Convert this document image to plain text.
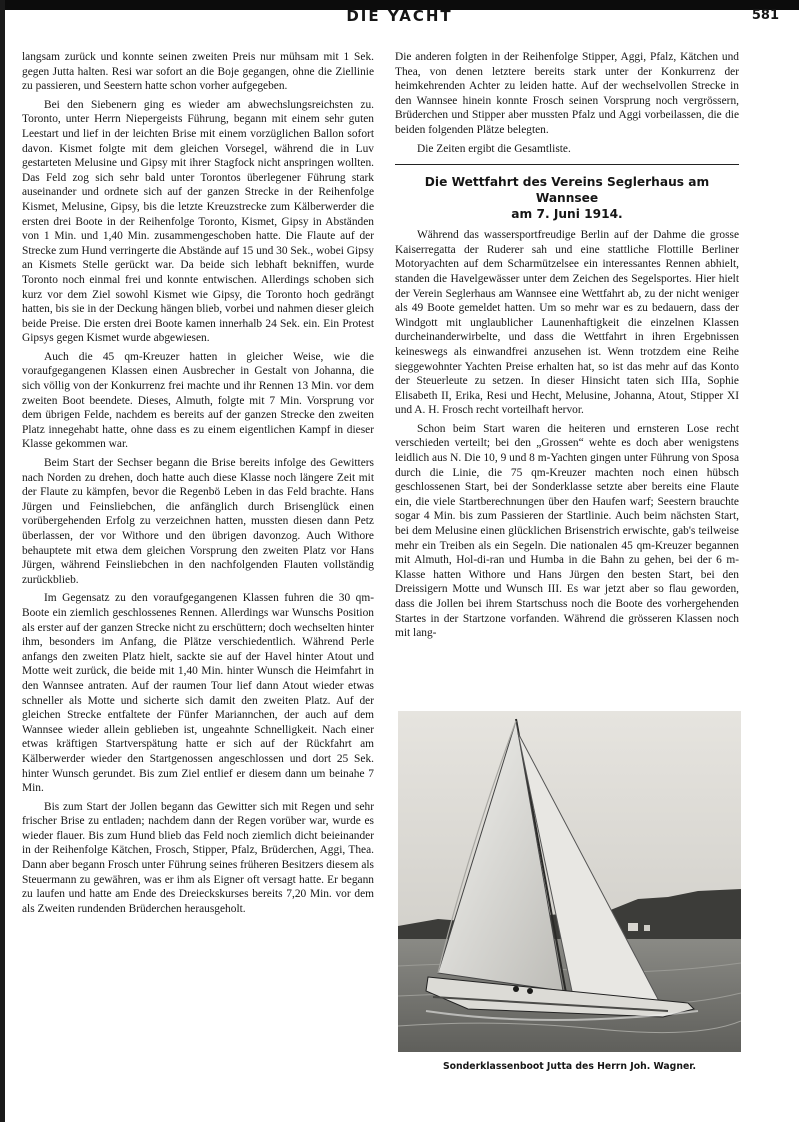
DIE YACHT	581

langsam zurück und konnte seinen zweiten Preis nur mühsam mit 1 Sek. gegen Jutta halten. Resi war sofort an die Boje gegangen, ohne die Ziellinie zu passieren, und Seestern hatte schon vorher aufgegeben.

Bei den Siebenern ging es wieder am abwechslungsreichsten zu. Toronto, unter Herrn Niepergeists Führung, begann mit einem sehr guten Leestart und lief in der leichten Brise mit einem vorzüglichen Ballon sofort davon. Kismet folgte mit dem gleichen Vorsegel, während die in Luv gestarteten Melusine und Gipsy mit ihrer Stagfock nicht anspringen wollten. Das Feld zog sich sehr bald unter Torontos überlegener Führung stark auseinander und ordnete sich auf der ganzen Strecke in der Reihenfolge Kismet, Melusine, Gipsy, bis die letzte Kreuzstrecke zum Kälberwerder die ersten drei Boote in der Reihenfolge Toronto, Kismet, Gipsy in Abständen von 1 Min. und 1,40 Min. zusammengeschoben hatte. Die Flaute auf der Strecke zum Hund verringerte die Abstände auf 15 und 30 Sek., wobei Gipsy an Kismets Stelle gerückt war. Da beide sich lebhaft bekniffen, wurde Toronto noch einmal frei und konnte entwischen. Allerdings schoben sich kurz vor dem Ziel sowohl Kismet wie Gipsy, die Toronto hoch gedrängt hatten, bis sie in der Deckung hängen blieb, vorbei und nahmen dieser gleich beide Preise. Die ersten drei Boote kamen innerhalb 24 Sek. ein. Ein Protest Gipsys gegen Kismet wurde abgewiesen.

Auch die 45 qm-Kreuzer hatten in gleicher Weise, wie die voraufgegangenen Klassen einen Ausbrecher in Gestalt von Johanna, die sich völlig von der Konkurrenz frei machte und ihr Rennen 13 Min. vor dem zweiten Boot beendete. Dieses, Almuth, folgte mit 7 Min. Vorsprung vor dem übrigen Felde, nachdem es bereits auf der ganzen Strecke den zweiten Platz innegehabt hatte, ohne dass es zu einem eigentlichen Kampf in dieser Klasse gekommen war.

Beim Start der Sechser begann die Brise bereits infolge des Gewitters nach Norden zu drehen, doch hatte auch diese Klasse noch längere Zeit mit der Flaute zu kämpfen, bevor die Regenbö Leben in das Feld brachte. Hans Jürgen und Feinsliebchen, die anfänglich durch Brisenglück einen vorübergehenden Erfolg zu verzeichnen hatten, mussten diesen dann Petz überlassen, der vor Withore und den übrigen davonzog. Auch Withore behauptete mit etwa dem gleichen Vorsprung den zweiten Platz vor Hans Jürgen, während Feinsliebchen in den nachfolgenden Flauten vollständig zurückblieb.

Im Gegensatz zu den voraufgegangenen Klassen fuhren die 30 qm-Boote ein ziemlich geschlossenes Rennen. Allerdings war Wunschs Position als erster auf der ganzen Strecke nicht zu erschüttern; doch wechselten hinter ihm, besonders im Anfang, die Plätze verschiedentlich. Während Perle anfangs den zweiten Platz hielt, sackte sie auf der Havel hinter Atout und Motte weit zurück, die beide mit 1,40 Min. hinter Wunsch die Heimfahrt in den Wannsee antraten. Auf der raumen Tour lief dann Atout wieder etwas schneller als Motte und sicherte sich damit den zweiten Platz. Auf der gleichen Strecke entfaltete der Fünfer Mariannchen, der auch auf dem Wannsee wieder allein geblieben ist, ungeahnte Schnelligkeit. Nach einer etwas kräftigen Startverspätung hatte er sich auf der Rückfahrt am Kälberwerder wieder den Startgenossen angeschlossen und dort 25 Sek. hinter Wunsch gerundet. Bis zum Ziel entlief er diesem dann um beinahe 7 Min.

Bis zum Start der Jollen begann das Gewitter sich mit Regen und sehr frischer Brise zu entladen; nachdem dann der Regen vorüber war, wurde es wieder flauer. Bis zum Hund blieb das Feld noch ziemlich dicht beieinander in der Reihenfolge Kätchen, Frosch, Stipper, Pfalz, Brüderchen, Aggi, Thea. Dann aber begann Frosch unter Führung seines früheren Besitzers diesem als Steuermann zu gewähren, was er ihm als Eigner oft versagt hatte. Er begann zu laufen und hatte am Ende des Dreieckskurses bereits 7,20 Min. vor dem als Zweiten rundenden Brüderchen herausgeholt.

Die anderen folgten in der Reihenfolge Stipper, Aggi, Pfalz, Kätchen und Thea, von denen letztere bereits stark unter der Konkurrenz der heimkehrenden Achter zu leiden hatte. Auf der wechselvollen Strecke in den Wannsee hinein konnte Frosch seinen Vorsprung noch vergrössern, Brüderchen und Stipper aber mussten Pfalz und Aggi vorbeilassen, die die beiden folgenden Plätze belegten.

Die Zeiten ergibt die Gesamtliste.

Die Wettfahrt des Vereins Seglerhaus am Wannsee
am 7. Juni 1914.

Während das wassersportfreudige Berlin auf der Dahme die grosse Kaiserregatta der Ruderer sah und eine stattliche Flottille Berliner Motoryachten auf dem Scharmützelsee ein interessantes Rennen abhielt, standen die Havelgewässer unter dem Zeichen des Segelsportes. Hier hielt der Verein Seglerhaus am Wannsee eine Wettfahrt ab, zu der nicht weniger als 49 Boote gemeldet hatten. Um so mehr war es zu bedauern, dass der Windgott mit unglaublicher Launenhaftigkeit die einzelnen Klassen durcheinanderwirbelte, und dass die Wettfahrt in ihren Ergebnissen keineswegs als einwandfrei anzusehen ist. Wenn trotzdem eine Reihe sieggewohnter Yachten Preise erhalten hat, so ist das mehr auf das Konto der Steuerleute zu setzen. In dieser Hinsicht taten sich IIIa, Sophie Elisabeth II, Erika, Resi und Hecht, Melusine, Johanna, Atout, Stipper XI und A. H. Frosch recht vorteilhaft hervor.

Schon beim Start waren die heiteren und ernsteren Lose recht verschieden verteilt; bei den „Grossen“ wehte es doch aber wenigstens leidlich aus N. Die 10, 9 und 8 m-Yachten gingen unter Führung von Sposa durch die Linie, die 75 qm-Kreuzer machten noch einen hübsch geschlossenen Start, bei der Sonderklasse setzte aber bereits eine Flaute ein, die viele Startberechnungen über den Haufen warf; Seestern brauchte sogar 4 Min. bis zum Passieren der Startlinie. Auch beim nächsten Start, bei dem Melusine einen glücklichen Brisenstrich erwischte, gab's teilweise mehr ein Treiben als ein Segeln. Die nationalen 45 qm-Kreuzer begannen mit Almuth, Hol-di-ran und Humba in die Bahn zu gehen, bei der 6 m-Klasse hatten Withore und Hans Jürgen den besten Start, bei den Dreissigern Motte und Wunsch III. Es war jetzt aber so flau geworden, dass die Jollen bei ihrem Startschuss noch die Boote des vorhergehenden Startes in der Startzone vorfanden. Während die grösseren Klassen noch mit lang-

Sonderklassenboot Jutta des Herrn Joh. Wagner.
